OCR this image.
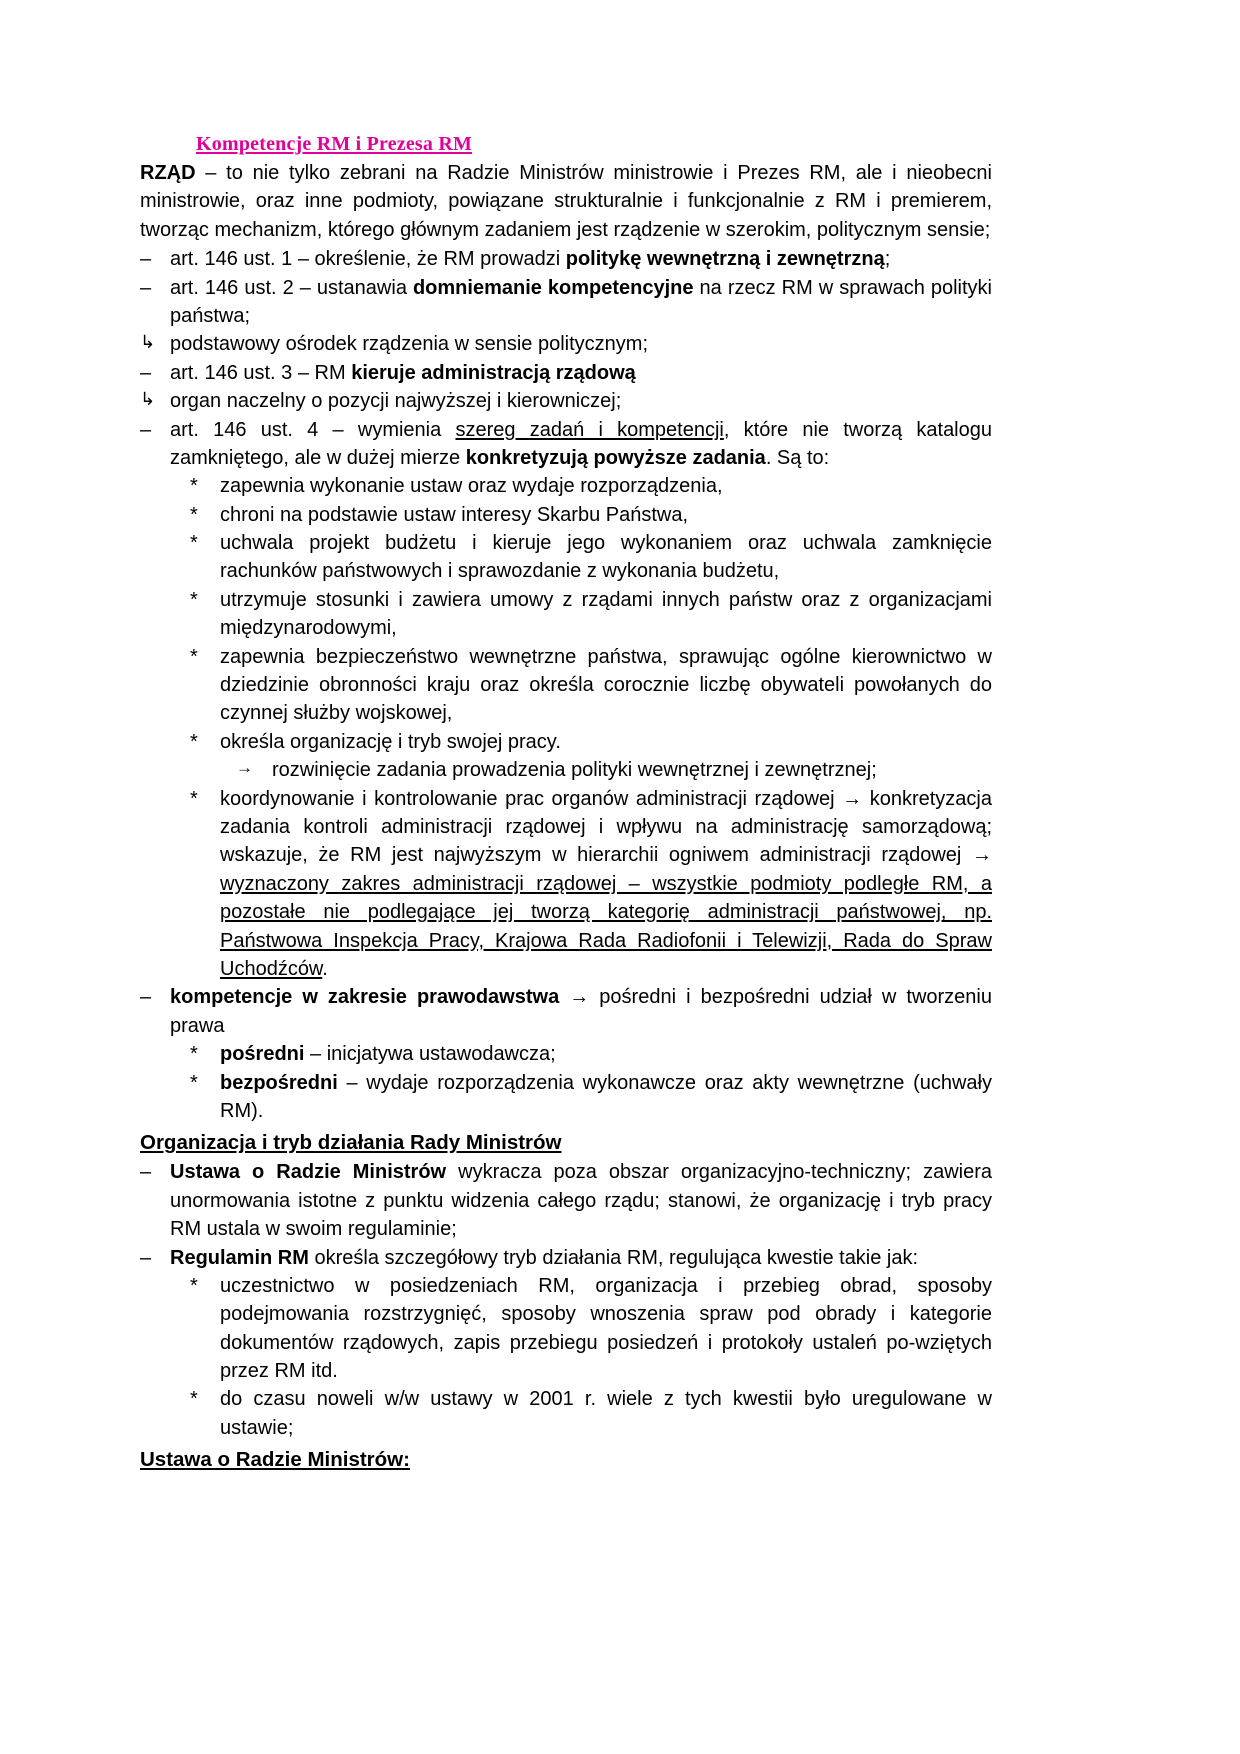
Kompetencje RM i Prezesa RM

RZĄD – to nie tylko zebrani na Radzie Ministrów ministrowie i Prezes RM, ale i nieobecni ministrowie, oraz inne podmioty, powiązane strukturalnie i funkcjonalnie z RM i premierem, tworząc mechanizm, którego głównym zadaniem jest rządzenie w szerokim, politycznym sensie;

– art. 146 ust. 1 – określenie, że RM prowadzi politykę wewnętrzną i zewnętrzną;
– art. 146 ust. 2 – ustanawia domniemanie kompetencyjne na rzecz RM w sprawach polityki państwa;
↳ podstawowy ośrodek rządzenia w sensie politycznym;
– art. 146 ust. 3 – RM kieruje administracją rządową
↳ organ naczelny o pozycji najwyższej i kierowniczej;
– art. 146 ust. 4 – wymienia szereg zadań i kompetencji, które nie tworzą katalogu zamkniętego, ale w dużej mierze konkretyzują powyższe zadania. Są to:
*	zapewnia wykonanie ustaw oraz wydaje rozporządzenia,
*	chroni na podstawie ustaw interesy Skarbu Państwa,
*	uchwala projekt budżetu i kieruje jego wykonaniem oraz uchwala zamknięcie rachunków państwowych i sprawozdanie z wykonania budżetu,
*	utrzymuje stosunki i zawiera umowy z rządami innych państw oraz z organizacjami międzynarodowymi,
*	zapewnia bezpieczeństwo wewnętrzne państwa, sprawując ogólne kierownictwo w dziedzinie obronności kraju oraz określa corocznie liczbę obywateli powołanych do czynnej służby wojskowej,
*	określa organizację i tryb swojej pracy.
→ rozwinięcie zadania prowadzenia polityki wewnętrznej i zewnętrznej;
*	koordynowanie i kontrolowanie prac organów administracji rządowej → konkretyzacja zadania kontroli administracji rządowej i wpływu na administrację samorządową; wskazuje, że RM jest najwyższym w hierarchii ogniwem administracji rządowej → wyznaczony zakres administracji rządowej – wszystkie podmioty podległe RM, a pozostałe nie podlegające jej tworzą kategorię administracji państwowej, np. Państwowa Inspekcja Pracy, Krajowa Rada Radiofonii i Telewizji, Rada do Spraw Uchodźców.
– kompetencje w zakresie prawodawstwa → pośredni i bezpośredni udział w tworzeniu prawa
*	pośredni – inicjatywa ustawodawcza;
*	bezpośredni – wydaje rozporządzenia wykonawcze oraz akty wewnętrzne (uchwały RM).
Organizacja i tryb działania Rady Ministrów
– Ustawa o Radzie Ministrów wykracza poza obszar organizacyjno-techniczny; zawiera unormowania istotne z punktu widzenia całego rządu; stanowi, że organizację i tryb pracy RM ustala w swoim regulaminie;
– Regulamin RM określa szczegółowy tryb działania RM, regulująca kwestie takie jak:
*	uczestnictwo w posiedzeniach RM, organizacja i przebieg obrad, sposoby podejmowania rozstrzygnięć, sposoby wnoszenia spraw pod obrady i kategorie dokumentów rządowych, zapis przebiegu posiedzeń i protokoły ustaleń po-wziętych przez RM itd.
*	do czasu noweli w/w ustawy w 2001 r. wiele z tych kwestii było uregulowane w ustawie;
Ustawa o Radzie Ministrów:
